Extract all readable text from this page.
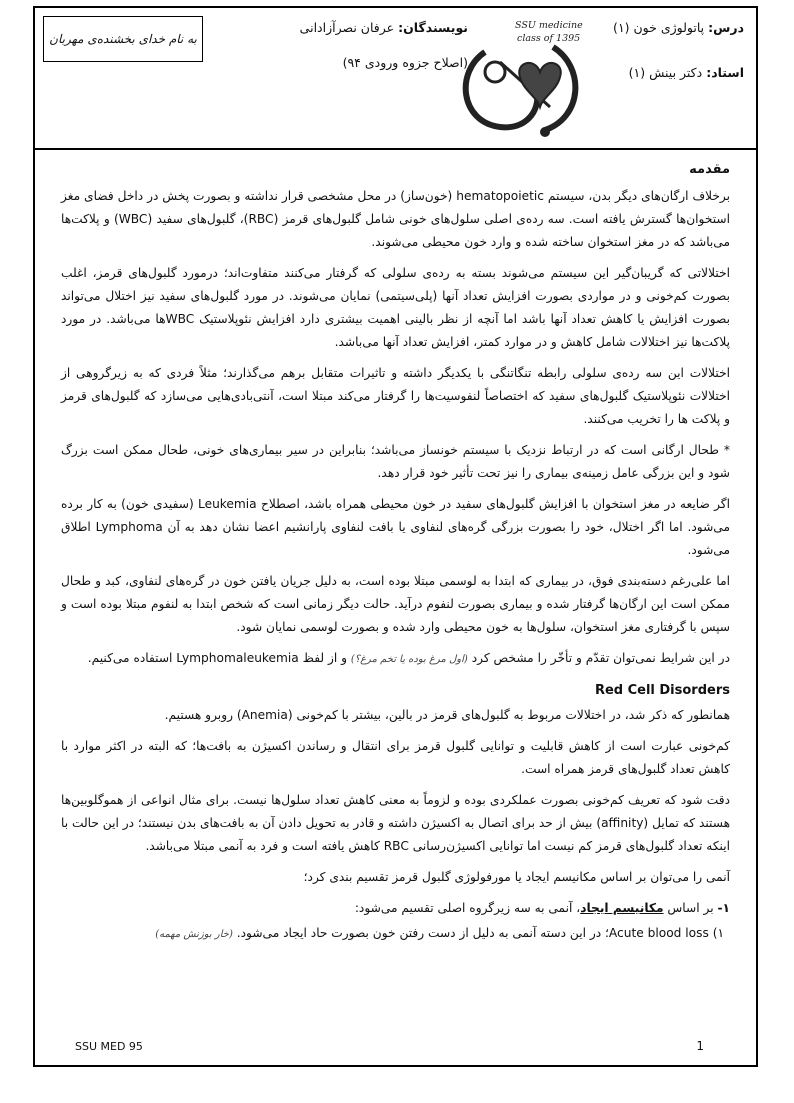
به نام خدای بخشنده‌ی مهربان
نویسندگان: عرفان نصرآزادانی
(اصلاح جزوه ورودی ۹۴)
SSU medicine
class of 1395
درس: پاتولوژی خون (۱)
استاد: دکتر بینش (۱)
مقدمه

برخلاف ارگان‌های دیگر بدن، سیستم hematopoietic (خون‌ساز) در محل مشخصی قرار نداشته و بصورت پخش در داخل فضای مغز استخوان‌ها گسترش یافته است. سه رده‌ی اصلی سلول‌های خونی شامل گلبول‌های قرمز (RBC)، گلبول‌های سفید (WBC) و پلاکت‌ها می‌باشد که در مغز استخوان ساخته شده و وارد خون محیطی می‌شوند.

اختلالاتی که گریبان‌گیر این سیستم می‌شوند بسته به رده‌ی سلولی که گرفتار می‌کنند متفاوت‌اند؛ درمورد گلبول‌های قرمز، اغلب بصورت کم‌خونی و در مواردی بصورت افزایش تعداد آنها (پلی‌سیتمی) نمایان می‌شوند. در مورد گلبول‌های سفید نیز اختلال می‌تواند بصورت افزایش یا کاهش تعداد آنها باشد اما آنچه از نظر بالینی اهمیت بیشتری دارد افزایش نئوپلاستیک WBCها می‌باشد. در مورد پلاکت‌ها نیز اختلالات شامل کاهش و در موارد کمتر، افزایش تعداد آنها می‌باشد.

اختلالات این سه رده‌ی سلولی رابطه تنگاتنگی با یکدیگر داشته و تاثیرات متقابل برهم می‌گذارند؛ مثلاً فردی که به زیرگروهی از اختلالات نئوپلاستیک گلبول‌های سفید که اختصاصاً لنفوسیت‌ها را گرفتار می‌کند مبتلا است، آنتی‌بادی‌هایی می‌سازد که گلبول‌های قرمز و پلاکت ها را تخریب می‌کنند.

* طحال ارگانی است که در ارتباط نزدیک با سیستم خونساز می‌باشد؛ بنابراین در سیر بیماری‌های خونی، طحال ممکن است بزرگ شود و این بزرگی عامل زمینه‌ی بیماری را نیز تحت تأثیر خود قرار دهد.

اگر ضایعه در مغز استخوان با افزایش گلبول‌های سفید در خون محیطی همراه باشد، اصطلاح Leukemia (سفیدی خون) به کار برده می‌شود. اما اگر اختلال، خود را بصورت بزرگی گره‌های لنفاوی یا بافت لنفاوی پارانشیم اعضا نشان دهد به آن Lymphoma اطلاق می‌شود.

اما علی‌رغم دسته‌بندی فوق، در بیماری که ابتدا به لوسمی مبتلا بوده است، به دلیل جریان یافتن خون در گره‌های لنفاوی، کبد و طحال ممکن است این ارگان‌ها گرفتار شده و بیماری بصورت لنفوم درآید. حالت دیگر زمانی است که شخص ابتدا به لنفوم مبتلا بوده است و سپس با گرفتاری مغز استخوان، سلول‌ها به خون محیطی وارد شده و بصورت لوسمی نمایان شود.

در این شرایط نمی‌توان تقدّم و تأخّر را مشخص کرد (اول مرغ بوده یا تخم مرغ؟) و از لفظ Lymphomaleukemia استفاده می‌کنیم.

Red Cell Disorders

همانطور که ذکر شد، در اختلالات مربوط به گلبول‌های قرمز در بالین، بیشتر با کم‌خونی (Anemia) روبرو هستیم.

کم‌خونی عبارت است از کاهش قابلیت و توانایی گلبول قرمز برای انتقال و رساندن اکسیژن به بافت‌ها؛ که البته در اکثر موارد با کاهش تعداد گلبول‌های قرمز همراه است.

دقت شود که تعریف کم‌خونی بصورت عملکردی بوده و لزوماً به معنی کاهش تعداد سلول‌ها نیست. برای مثال انواعی از هموگلوبین‌ها هستند که تمایل (affinity) بیش از حد برای اتصال به اکسیژن داشته و قادر به تحویل دادن آن به بافت‌های بدن نیستند؛ در این حالت با اینکه تعداد گلبول‌های قرمز کم نیست اما توانایی اکسیژن‌رسانی RBC کاهش یافته است و فرد به آنمی مبتلا می‌باشد.

آنمی را می‌توان بر اساس مکانیسم ایجاد یا مورفولوژی گلبول قرمز تقسیم بندی کرد؛

۱- بر اساس مکانیسم ایجاد، آنمی به سه زیرگروه اصلی تقسیم می‌شود:

۱) Acute blood loss؛ در این دسته آنمی به دلیل از دست رفتن خون بصورت حاد ایجاد می‌شود. (خار بوزنش مهمه)

SSU MED 95	1
